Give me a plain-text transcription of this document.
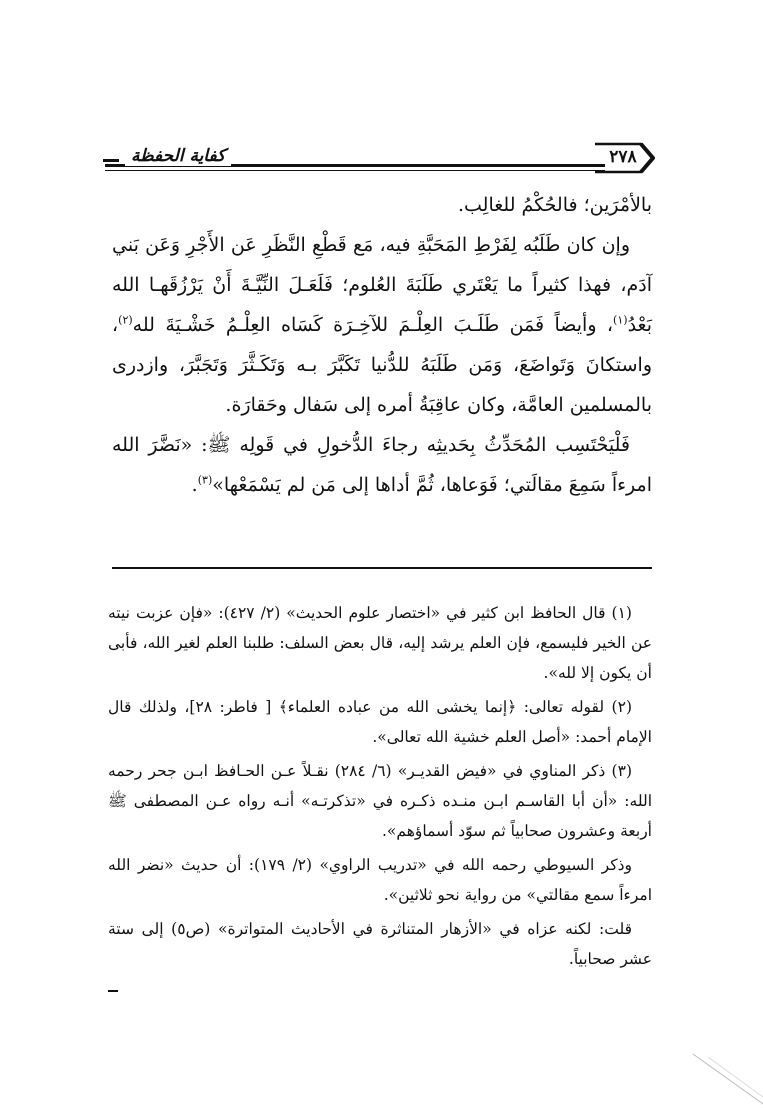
كفاية الحفظة	٢٧٨

بالأمْرَين؛ فالحُكْمُ للغالِب.

وإن كان طَلَبُه لِفَرْطِ المَحَبَّةِ فيه، مَع قَطْعِ النَّظَرِ عَن الأَجْرِ وَعَن بَني آدَم، فهذا كثيراً ما يَعْتَري طَلَبَةَ العُلوم؛ فَلَعَـلَ النِّيَّـةَ أَنْ يَرْزُقَهـا الله بَعْدُ$^{(١)}$، وأيضاً فَمَن طَلَـبَ العِلْـمَ للآخِـرَة كَسَاه العِلْـمُ خَشْـيَةَ لله$^{(٢)}$، واستكانَ وَتَواضَعَ، وَمَن طَلَبَهُ للدُّنيا تَكَبَّرَ بـه وَتَكَـثَّرَ وَتَجَبَّرَ، وازدرى بالمسلمين العامَّة، وكان عاقِبَةُ أمره إلى سَفال وحَقارَة.

فَلْيَحْتَسِب المُحَدِّثُ بِحَديثِه رجاءَ الدُّخولِ في قَولِه ﷺ: «نَضَّرَ الله امرءاً سَمِعَ مقالَتي؛ فَوَعاها، ثُمَّ أداها إلى مَن لم يَسْمَعْها»$^{(٣)}$.

(١) قال الحافظ ابن كثير في «اختصار علوم الحديث» (٢/ ٤٢٧): «فإن عزبت نيته عن الخير فليسمع، فإن العلم يرشد إليه، قال بعض السلف: طلبنا العلم لغير الله، فأبى أن يكون إلا لله».

(٢) لقوله تعالى: ﴿إنما يخشى الله من عباده العلماء﴾ [ فاطر: ٢٨]، ولذلك قال الإمام أحمد: «أصل العلم خشية الله تعالى».

(٣) ذكر المناوي في «فيض القديـر» (٦/ ٢٨٤) نقـلاً عـن الحـافظ ابـن جحر رحمه الله: «أن أبا القاسـم ابـن منـده ذكـره في «تذكرتـه» أنـه رواه عـن المصطفى ﷺ أربعة وعشرون صحابياً ثم سوّد أسماؤهم».

وذكر السيوطي رحمه الله في «تدريب الراوي» (٢/ ١٧٩): أن حديث «نضر الله امرءاً سمع مقالتي» من رواية نحو ثلاثين».

قلت: لكنه عزاه في «الأزهار المتناثرة في الأحاديث المتواترة» (ص٥) إلى ستة عشر صحابياً.
